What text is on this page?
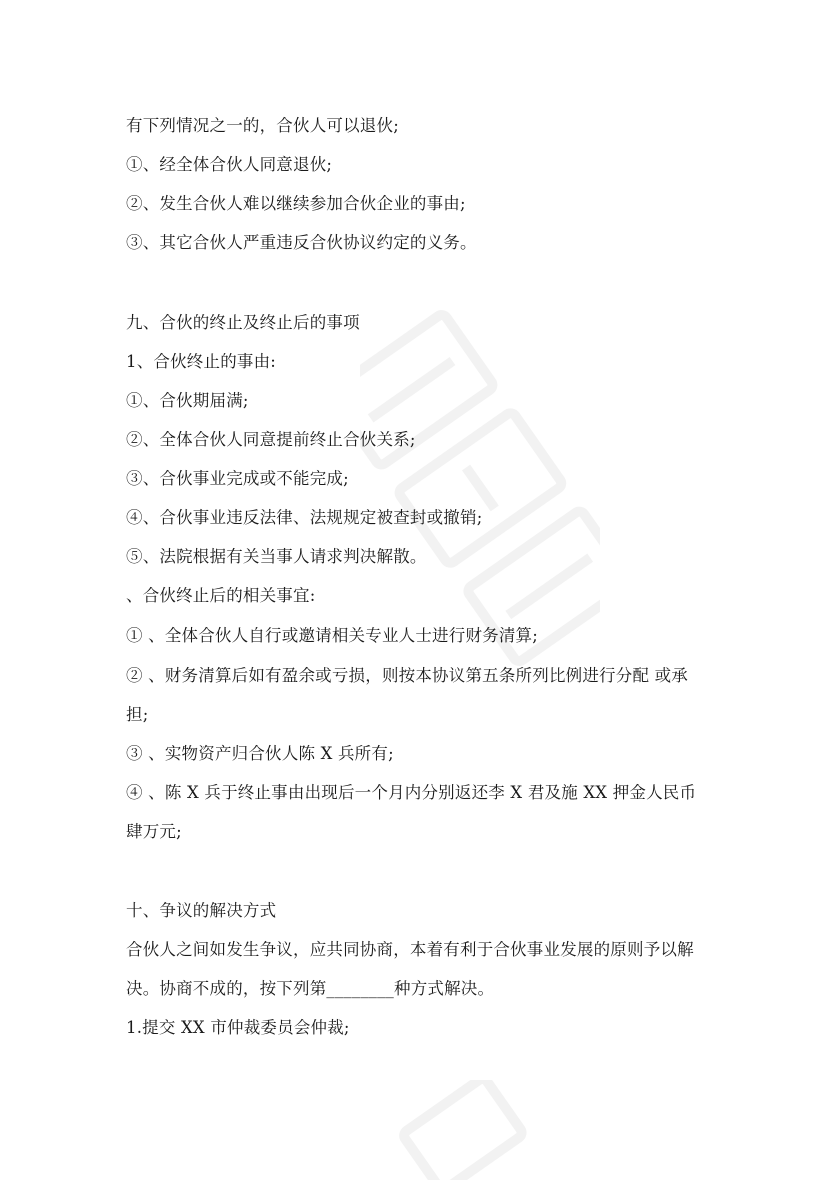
有下列情况之一的，合伙人可以退伙;
①、经全体合伙人同意退伙;
②、发生合伙人难以继续参加合伙企业的事由;
③、其它合伙人严重违反合伙协议约定的义务。
九、合伙的终止及终止后的事项
1、合伙终止的事由:
①、合伙期届满;
②、全体合伙人同意提前终止合伙关系;
③、合伙事业完成或不能完成;
④、合伙事业违反法律、法规规定被查封或撤销;
⑤、法院根据有关当事人请求判决解散。
、合伙终止后的相关事宜:
① 、全体合伙人自行或邀请相关专业人士进行财务清算;
② 、财务清算后如有盈余或亏损，则按本协议第五条所列比例进行分配 或承
担;
③ 、实物资产归合伙人陈 X 兵所有;
④ 、陈 X 兵于终止事由出现后一个月内分别返还李 X 君及施 XX 押金人民币
肆万元;
十、争议的解决方式
合伙人之间如发生争议，应共同协商，本着有利于合伙事业发展的原则予以解
决。协商不成的，按下列第________种方式解决。
1.提交 XX 市仲裁委员会仲裁;
